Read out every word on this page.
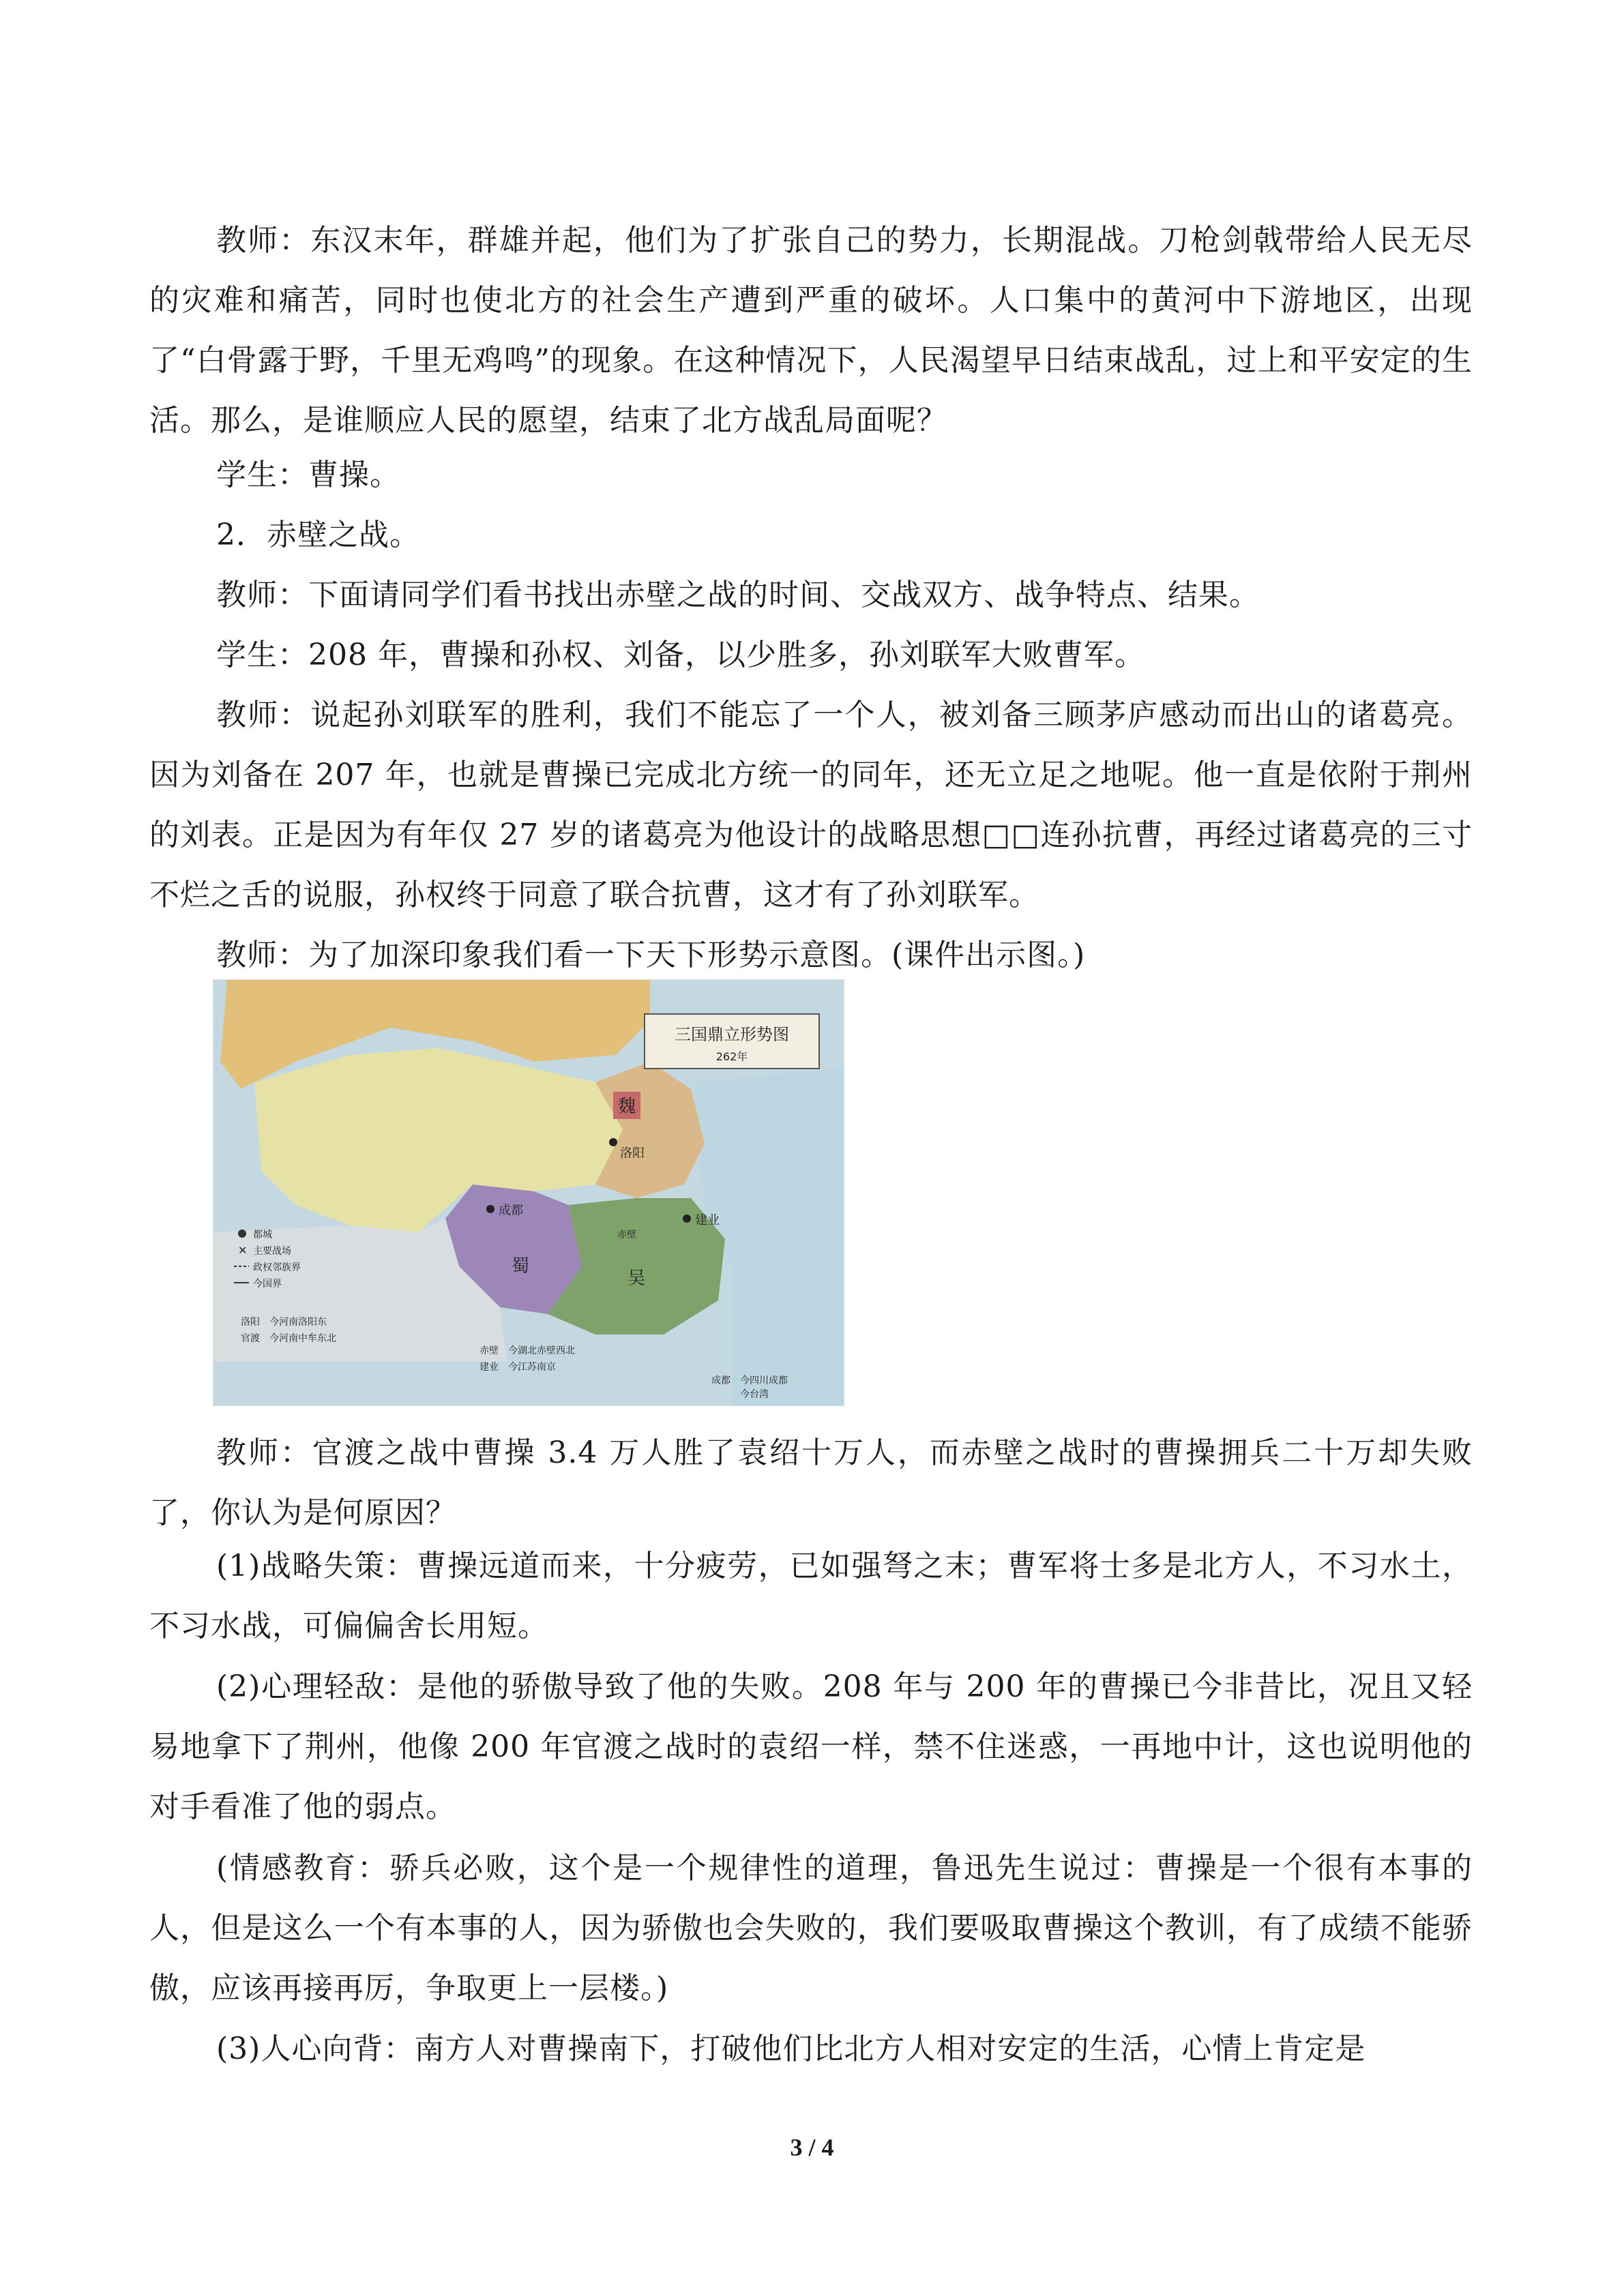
教师：东汉末年，群雄并起，他们为了扩张自己的势力，长期混战。刀枪剑戟带给人民无尽的灾难和痛苦，同时也使北方的社会生产遭到严重的破坏。人口集中的黄河中下游地区，出现了“白骨露于野，千里无鸡鸣”的现象。在这种情况下，人民渴望早日结束战乱，过上和平安定的生活。那么，是谁顺应人民的愿望，结束了北方战乱局面呢？

学生：曹操。

2．赤壁之战。

教师：下面请同学们看书找出赤壁之战的时间、交战双方、战争特点、结果。

学生：208 年，曹操和孙权、刘备，以少胜多，孙刘联军大败曹军。

教师：说起孙刘联军的胜利，我们不能忘了一个人，被刘备三顾茅庐感动而出山的诸葛亮。因为刘备在 207 年，也就是曹操已完成北方统一的同年，还无立足之地呢。他一直是依附于荆州的刘表。正是因为有年仅 27 岁的诸葛亮为他设计的战略思想□□连孙抗曹，再经过诸葛亮的三寸不烂之舌的说服，孙权终于同意了联合抗曹，这才有了孙刘联军。

教师：为了加深印象我们看一下天下形势示意图。(课件出示图。)

三国鼎立形势图
262年
魏
蜀
吴
洛阳
成都
建业
赤壁
都城
✕ 主要战场
政权邻族界
今国界
洛阳　今河南洛阳东
官渡　今河南中牟东北
赤壁　今湖北赤壁西北
建业　今江苏南京
成都　今四川成都
　　　今台湾

教师：官渡之战中曹操 3.4 万人胜了袁绍十万人，而赤壁之战时的曹操拥兵二十万却失败了，你认为是何原因？

(1)战略失策：曹操远道而来，十分疲劳，已如强弩之末；曹军将士多是北方人，不习水土，不习水战，可偏偏舍长用短。

(2)心理轻敌：是他的骄傲导致了他的失败。208 年与 200 年的曹操已今非昔比，况且又轻易地拿下了荆州，他像 200 年官渡之战时的袁绍一样，禁不住迷惑，一再地中计，这也说明他的对手看准了他的弱点。

(情感教育：骄兵必败，这个是一个规律性的道理，鲁迅先生说过：曹操是一个很有本事的人，但是这么一个有本事的人，因为骄傲也会失败的，我们要吸取曹操这个教训，有了成绩不能骄傲，应该再接再厉，争取更上一层楼。)

(3)人心向背：南方人对曹操南下，打破他们比北方人相对安定的生活，心情上肯定是

3 / 4
